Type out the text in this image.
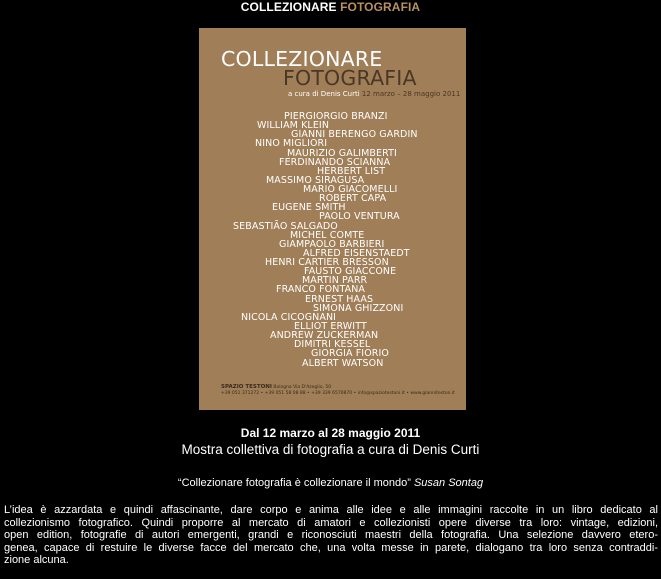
COLLEZIONARE FOTOGRAFIA
COLLEZIONARE
FOTOGRAFIA
a cura di Denis Curti 12 marzo – 28 maggio 2011
PIERGIORGIO BRANZI
WILLIAM KLEIN
GIANNI BERENGO GARDIN
NINO MIGLIORI
MAURIZIO GALIMBERTI
FERDINANDO SCIANNA
HERBERT LIST
MASSIMO SIRAGUSA
MARIO GIACOMELLI
ROBERT CAPA
EUGENE SMITH
PAOLO VENTURA
SEBASTIÃO SALGADO
MICHEL COMTE
GIAMPAOLO BARBIERI
ALFRED EISENSTAEDT
HENRI CARTIER BRESSON
FAUSTO GIACCONE
MARTIN PARR
FRANCO FONTANA
ERNEST HAAS
SIMONA GHIZZONI
NICOLA CICOGNANI
ELLIOT ERWITT
ANDREW ZUCKERMAN
DIMITRI KESSEL
GIORGIA FIORIO
ALBERT WATSON
SPAZIO TESTONI Bologna Via D'Azeglio, 50
+39 051 371272 • +39 051 58 08 88 • +39 339 6570870 • info@spaziotestoni.it • www.gianniteston.it
Dal 12 marzo al 28 maggio 2011
Mostra collettiva di fotografia a cura di Denis Curti
“Collezionare fotografia è collezionare il mondo” Susan Sontag
L’idea è azzardata e quindi affascinante, dare corpo e anima alle idee e alle immagini raccolte in un libro dedicato al
collezionismo fotografico. Quindi proporre al mercato di amatori e collezionisti opere diverse tra loro: vintage, edizioni,
open edition, fotografie di autori emergenti, grandi e riconosciuti maestri della fotografia. Una selezione davvero etero-
genea, capace di restuire le diverse facce del mercato che, una volta messe in parete, dialogano tra loro senza contraddi-
zione alcuna.
